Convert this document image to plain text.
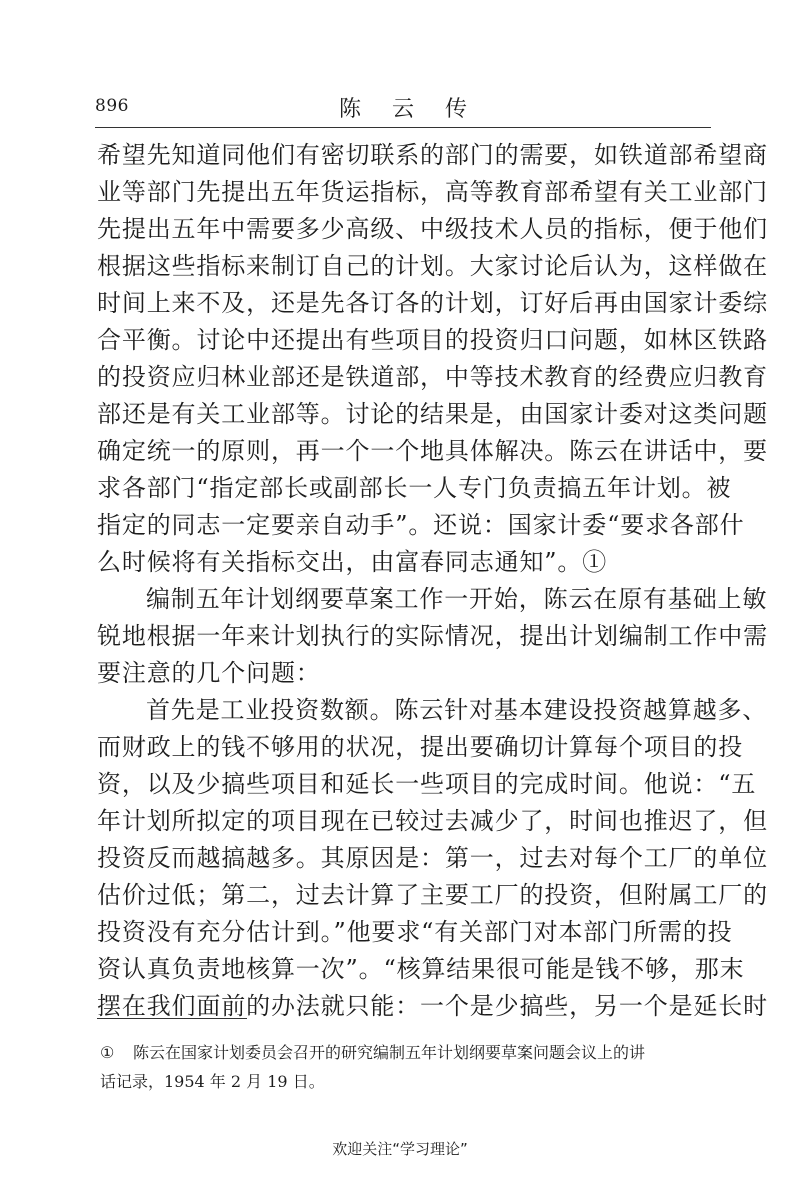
896	陈 云 传
希望先知道同他们有密切联系的部门的需要，如铁道部希望商
业等部门先提出五年货运指标，高等教育部希望有关工业部门
先提出五年中需要多少高级、中级技术人员的指标，便于他们
根据这些指标来制订自己的计划。大家讨论后认为，这样做在
时间上来不及，还是先各订各的计划，订好后再由国家计委综
合平衡。讨论中还提出有些项目的投资归口问题，如林区铁路
的投资应归林业部还是铁道部，中等技术教育的经费应归教育
部还是有关工业部等。讨论的结果是，由国家计委对这类问题
确定统一的原则，再一个一个地具体解决。陈云在讲话中，要
求各部门“指定部长或副部长一人专门负责搞五年计划。被
指定的同志一定要亲自动手”。还说：国家计委“要求各部什
么时候将有关指标交出，由富春同志通知”。①
编制五年计划纲要草案工作一开始，陈云在原有基础上敏
锐地根据一年来计划执行的实际情况，提出计划编制工作中需
要注意的几个问题：
首先是工业投资数额。陈云针对基本建设投资越算越多、
而财政上的钱不够用的状况，提出要确切计算每个项目的投
资，以及少搞些项目和延长一些项目的完成时间。他说：“五
年计划所拟定的项目现在已较过去减少了，时间也推迟了，但
投资反而越搞越多。其原因是：第一，过去对每个工厂的单位
估价过低；第二，过去计算了主要工厂的投资，但附属工厂的
投资没有充分估计到。”他要求“有关部门对本部门所需的投
资认真负责地核算一次”。“核算结果很可能是钱不够，那末
摆在我们面前的办法就只能：一个是少搞些，另一个是延长时
① 陈云在国家计划委员会召开的研究编制五年计划纲要草案问题会议上的讲
话记录，1954 年 2 月 19 日。
欢迎关注“学习理论”
